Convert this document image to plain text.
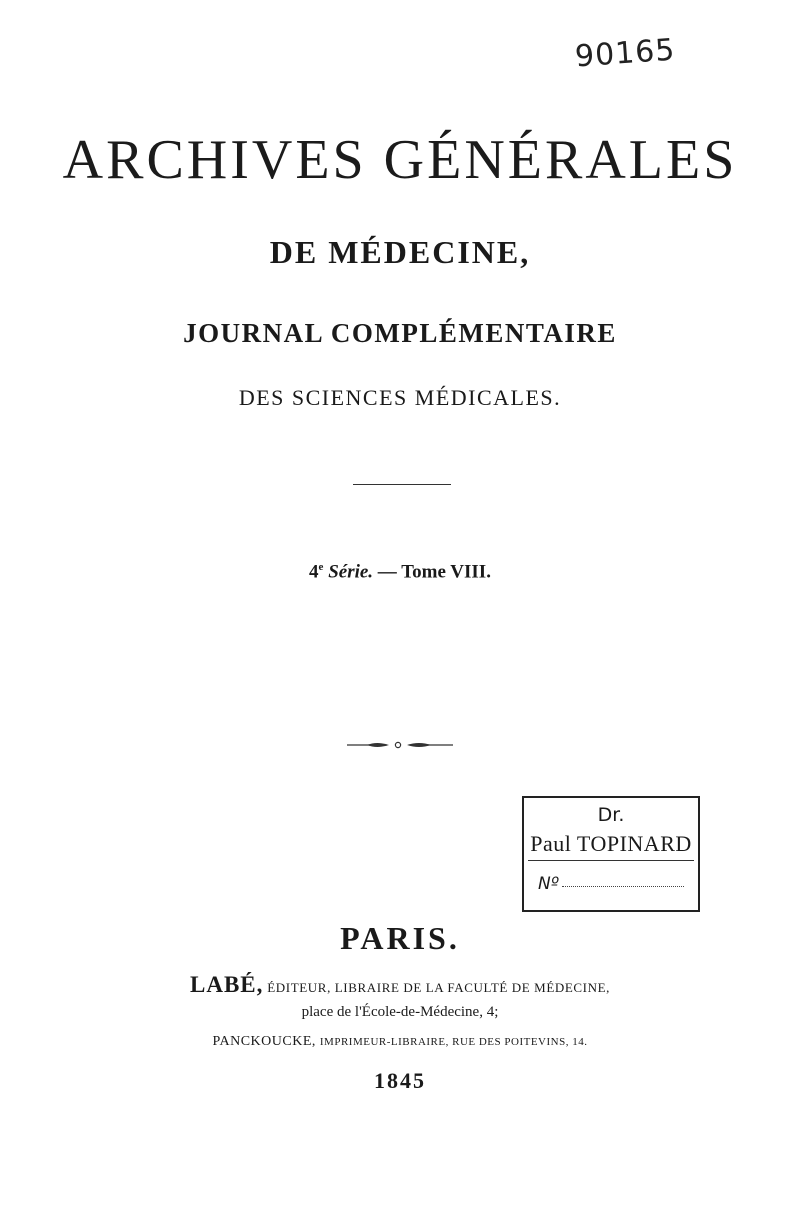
90165
ARCHIVES GÉNÉRALES
DE MÉDECINE,
JOURNAL COMPLÉMENTAIRE
DES SCIENCES MÉDICALES.
4e Série. — Tome VIII.
Dr.
Paul TOPINARD
Nº
PARIS.
LABÉ, ÉDITEUR, LIBRAIRE DE LA FACULTÉ DE MÉDECINE,
place de l'École-de-Médecine, 4;
PANCKOUCKE, IMPRIMEUR-LIBRAIRE, RUE DES POITEVINS, 14.
1845
